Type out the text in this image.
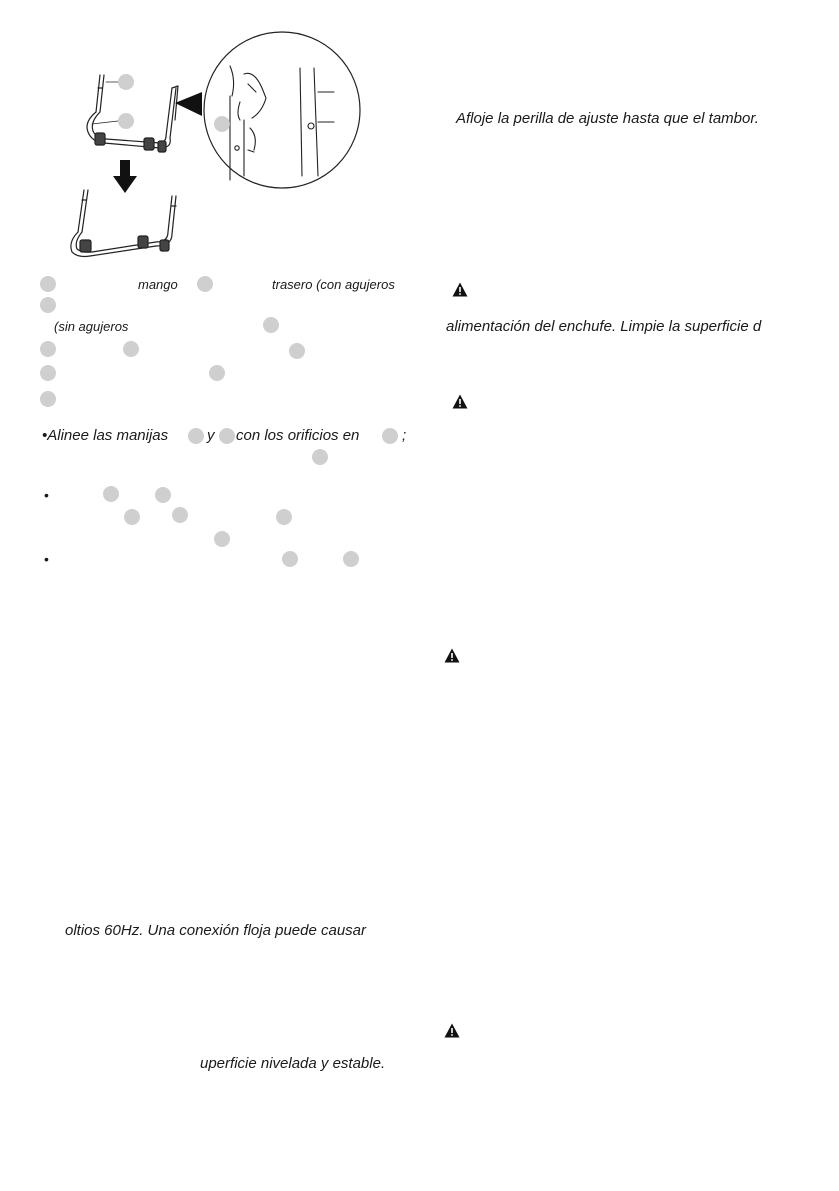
mango	trasero (con agujeros
(sin agujeros
•Alinee las manijas	y con los orificios en	;
•
•
oltios 60Hz. Una conexión floja puede causar
uperficie nivelada y estable.
Afloje la perilla de ajuste hasta que el tambor.
alimentación del enchufe. Limpie la superficie d
